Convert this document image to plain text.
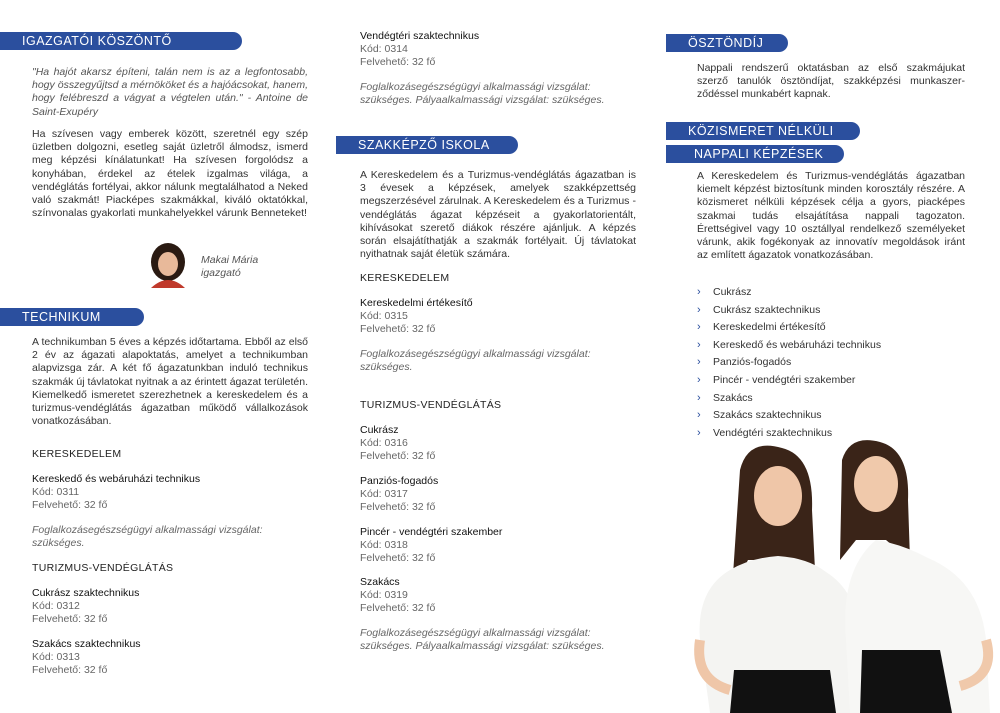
IGAZGATÓI KÖSZÖNTŐ

"Ha hajót akarsz építeni, talán nem is az a legfontosabb, hogy összegyűjtsd a mérnököket és a hajóácsokat, hanem, hogy felébreszd a vágyat a végtelen után." - Antoine de Saint-Exupéry

Ha szívesen vagy emberek között, szeretnél egy szép üzletben dolgozni, esetleg saját üzletről álmodsz, ismerd meg képzési kínálatunkat! Ha szívesen forgolódsz a konyhában, érdekel az ételek izgalmas világa, a vendéglátás fortélyai, akkor nálunk megtalálhatod a Neked való szakmát! Piacképes szakmákkal, kiváló oktatókkal, színvonalas gyakorlati munkahelyekkel várunk Benneteket!

Makai Mária

igazgató

TECHNIKUM

A technikumban 5 éves a képzés időtartama. Ebből az első 2 év az ágazati alapoktatás, amelyet a technikumban alapvizsga zár. A két fő ágazatunkban induló technikus szakmák új távlatokat nyitnak a az érintett ágazat területén. Kiemelkedő ismeretet szerezhetnek a kereskedelem és a turizmus-vendéglátás ágazatban működő vállalkozások vonatkozásában.

KERESKEDELEM
Kereskedő és webáruházi technikus
Kód: 0311
Felvehető: 32 fő

Foglalkozásegészségügyi alkalmassági vizsgálat: szükséges.

TURIZMUS-VENDÉGLÁTÁS
Cukrász szaktechnikus
Kód: 0312
Felvehető: 32 fő
Szakács szaktechnikus
Kód: 0313
Felvehető: 32 fő
Vendégtéri szaktechnikus
Kód: 0314
Felvehető: 32 fő

Foglalkozásegészségügyi alkalmassági vizsgálat: szükséges. Pályaalkalmassági vizsgálat: szükséges.

SZAKKÉPZŐ ISKOLA

A Kereskedelem és a Turizmus-vendéglátás ágazatban is 3 évesek a képzések, amelyek szakképzettség megszerzésével zárulnak. A Kereskedelem és a Turizmus -vendéglátás ágazat képzéseit a gyakorlatorientált, kihívásokat szerető diákok részére ajánljuk. A képzés során elsajátíthatják a szakmák fortélyait. Új távlatokat nyithatnak saját életük számára.

KERESKEDELEM
Kereskedelmi értékesítő
Kód: 0315
Felvehető: 32 fő

Foglalkozásegészségügyi alkalmassági vizsgálat: szükséges.

TURIZMUS-VENDÉGLÁTÁS
Cukrász
Kód: 0316
Felvehető: 32 fő
Panziós-fogadós
Kód: 0317
Felvehető: 32 fő
Pincér - vendégtéri szakember
Kód: 0318
Felvehető: 32 fő
Szakács
Kód: 0319
Felvehető: 32 fő

Foglalkozásegészségügyi alkalmassági vizsgálat: szükséges. Pályaalkalmassági vizsgálat: szükséges.

ÖSZTÖNDÍJ

Nappali rendszerű oktatásban az első szakmájukat szerző tanulók ösztöndíjat, szakképzési munkaszerződéssel munkabért kapnak.

KÖZISMERET NÉLKÜLI
NAPPALI KÉPZÉSEK

A Kereskedelem és Turizmus-vendéglátás ágazatban kiemelt képzést biztosítunk minden korosztály részére. A közismeret nélküli képzések célja a gyors, piacképes szakmai tudás elsajátítása nappali tagozaton. Érettségivel vagy 10 osztállyal rendelkező személyeket várunk, akik fogékonyak az innovatív megoldások iránt az említett ágazatok vonatkozásában.

› Cukrász
› Cukrász szaktechnikus
› Kereskedelmi értékesítő
› Kereskedő és webáruházi technikus
› Panziós-fogadós
› Pincér - vendégtéri szakember
› Szakács
› Szakács szaktechnikus
› Vendégtéri szaktechnikus
